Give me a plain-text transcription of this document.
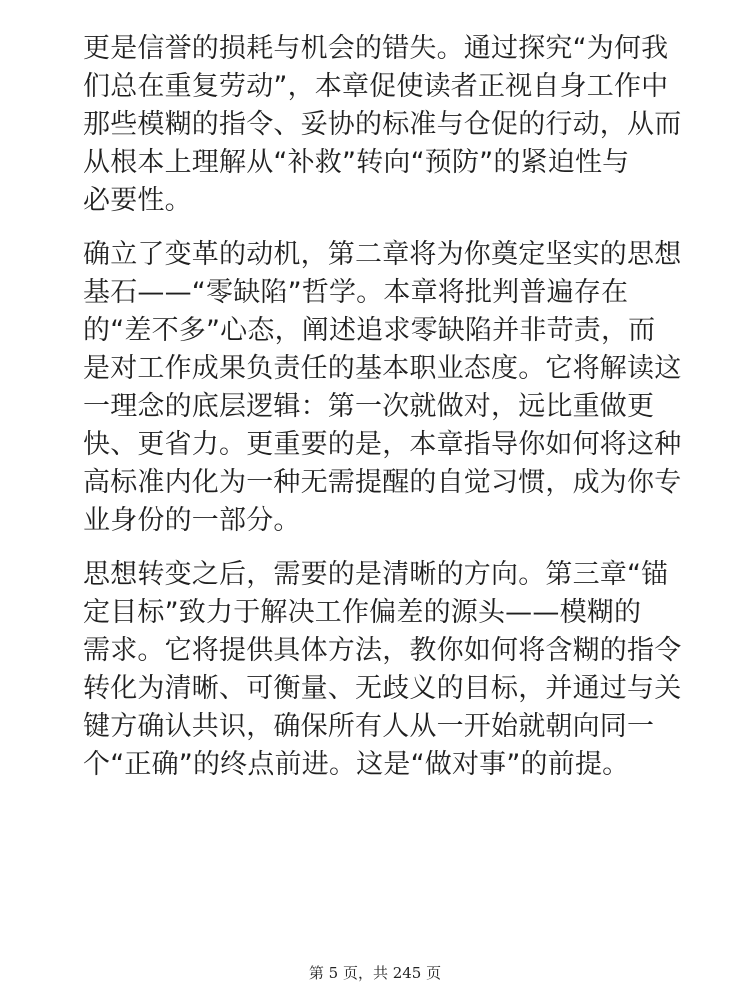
更是信誉的损耗与机会的错失。通过探究“为何我
们总在重复劳动”，本章促使读者正视自身工作中
那些模糊的指令、妥协的标准与仓促的行动，从而
从根本上理解从“补救”转向“预防”的紧迫性与
必要性。

确立了变革的动机，第二章将为你奠定坚实的思想
基石——“零缺陷”哲学。本章将批判普遍存在
的“差不多”心态，阐述追求零缺陷并非苛责，而
是对工作成果负责任的基本职业态度。它将解读这
一理念的底层逻辑：第一次就做对，远比重做更
快、更省力。更重要的是，本章指导你如何将这种
高标准内化为一种无需提醒的自觉习惯，成为你专
业身份的一部分。

思想转变之后，需要的是清晰的方向。第三章“锚
定目标”致力于解决工作偏差的源头——模糊的
需求。它将提供具体方法，教你如何将含糊的指令
转化为清晰、可衡量、无歧义的目标，并通过与关
键方确认共识，确保所有人从一开始就朝向同一
个“正确”的终点前进。这是“做对事”的前提。

第 5 页，共 245 页
